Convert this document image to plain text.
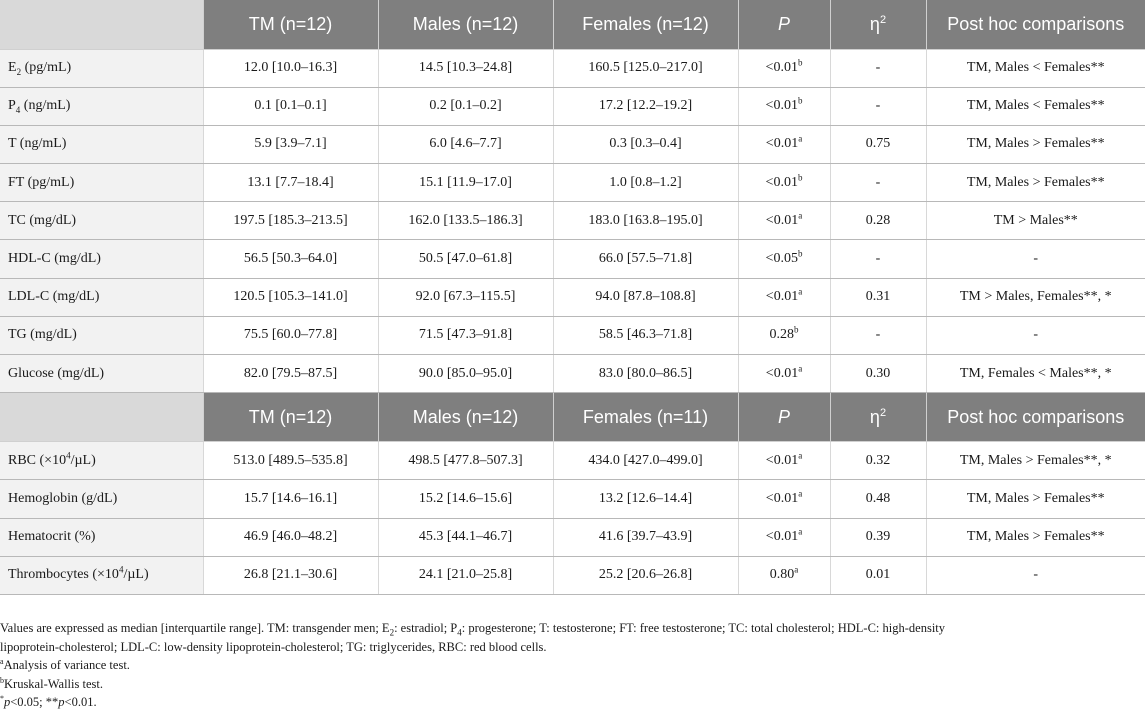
	TM (n=12)	Males (n=12)	Females (n=12)	P	$\eta^2$	Post hoc comparisons
$E_2$ (pg/mL)	12.0 [10.0–16.3]	14.5 [10.3–24.8]	160.5 [125.0–217.0]	<0.01$^b$	-	TM, Males < Females**
$P_4$ (ng/mL)	0.1 [0.1–0.1]	0.2 [0.1–0.2]	17.2 [12.2–19.2]	<0.01$^b$	-	TM, Males < Females**
T (ng/mL)	5.9 [3.9–7.1]	6.0 [4.6–7.7]	0.3 [0.3–0.4]	<0.01$^a$	0.75	TM, Males > Females**
FT (pg/mL)	13.1 [7.7–18.4]	15.1 [11.9–17.0]	1.0 [0.8–1.2]	<0.01$^b$	-	TM, Males > Females**
TC (mg/dL)	197.5 [185.3–213.5]	162.0 [133.5–186.3]	183.0 [163.8–195.0]	<0.01$^a$	0.28	TM > Males**
HDL-C (mg/dL)	56.5 [50.3–64.0]	50.5 [47.0–61.8]	66.0 [57.5–71.8]	<0.05$^b$	-	-
LDL-C (mg/dL)	120.5 [105.3–141.0]	92.0 [67.3–115.5]	94.0 [87.8–108.8]	<0.01$^a$	0.31	TM > Males, Females**, *
TG (mg/dL)	75.5 [60.0–77.8]	71.5 [47.3–91.8]	58.5 [46.3–71.8]	0.28$^b$	-	-
Glucose (mg/dL)	82.0 [79.5–87.5]	90.0 [85.0–95.0]	83.0 [80.0–86.5]	<0.01$^a$	0.30	TM, Females < Males**, *
	TM (n=12)	Males (n=12)	Females (n=11)	P	$\eta^2$	Post hoc comparisons
RBC $(\times 10^4/\mu L)$	513.0 [489.5–535.8]	498.5 [477.8–507.3]	434.0 [427.0–499.0]	<0.01$^a$	0.32	TM, Males > Females**, *
Hemoglobin (g/dL)	15.7 [14.6–16.1]	15.2 [14.6–15.6]	13.2 [12.6–14.4]	<0.01$^a$	0.48	TM, Males > Females**
Hematocrit (%)	46.9 [46.0–48.2]	45.3 [44.1–46.7]	41.6 [39.7–43.9]	<0.01$^a$	0.39	TM, Males > Females**
Thrombocytes $(\times 10^4/\mu L)$	26.8 [21.1–30.6]	24.1 [21.0–25.8]	25.2 [20.6–26.8]	0.80$^a$	0.01	-

Values are expressed as median [interquartile range]. TM: transgender men; $E_2$: estradiol; $P_4$: progesterone; T: testosterone; FT: free testosterone; TC: total cholesterol; HDL-C: high-density

lipoprotein-cholesterol; LDL-C: low-density lipoprotein-cholesterol; TG: triglycerides, RBC: red blood cells.

$^a$Analysis of variance test.

$^b$Kruskal-Wallis test.

*p<0.05; **p<0.01.
